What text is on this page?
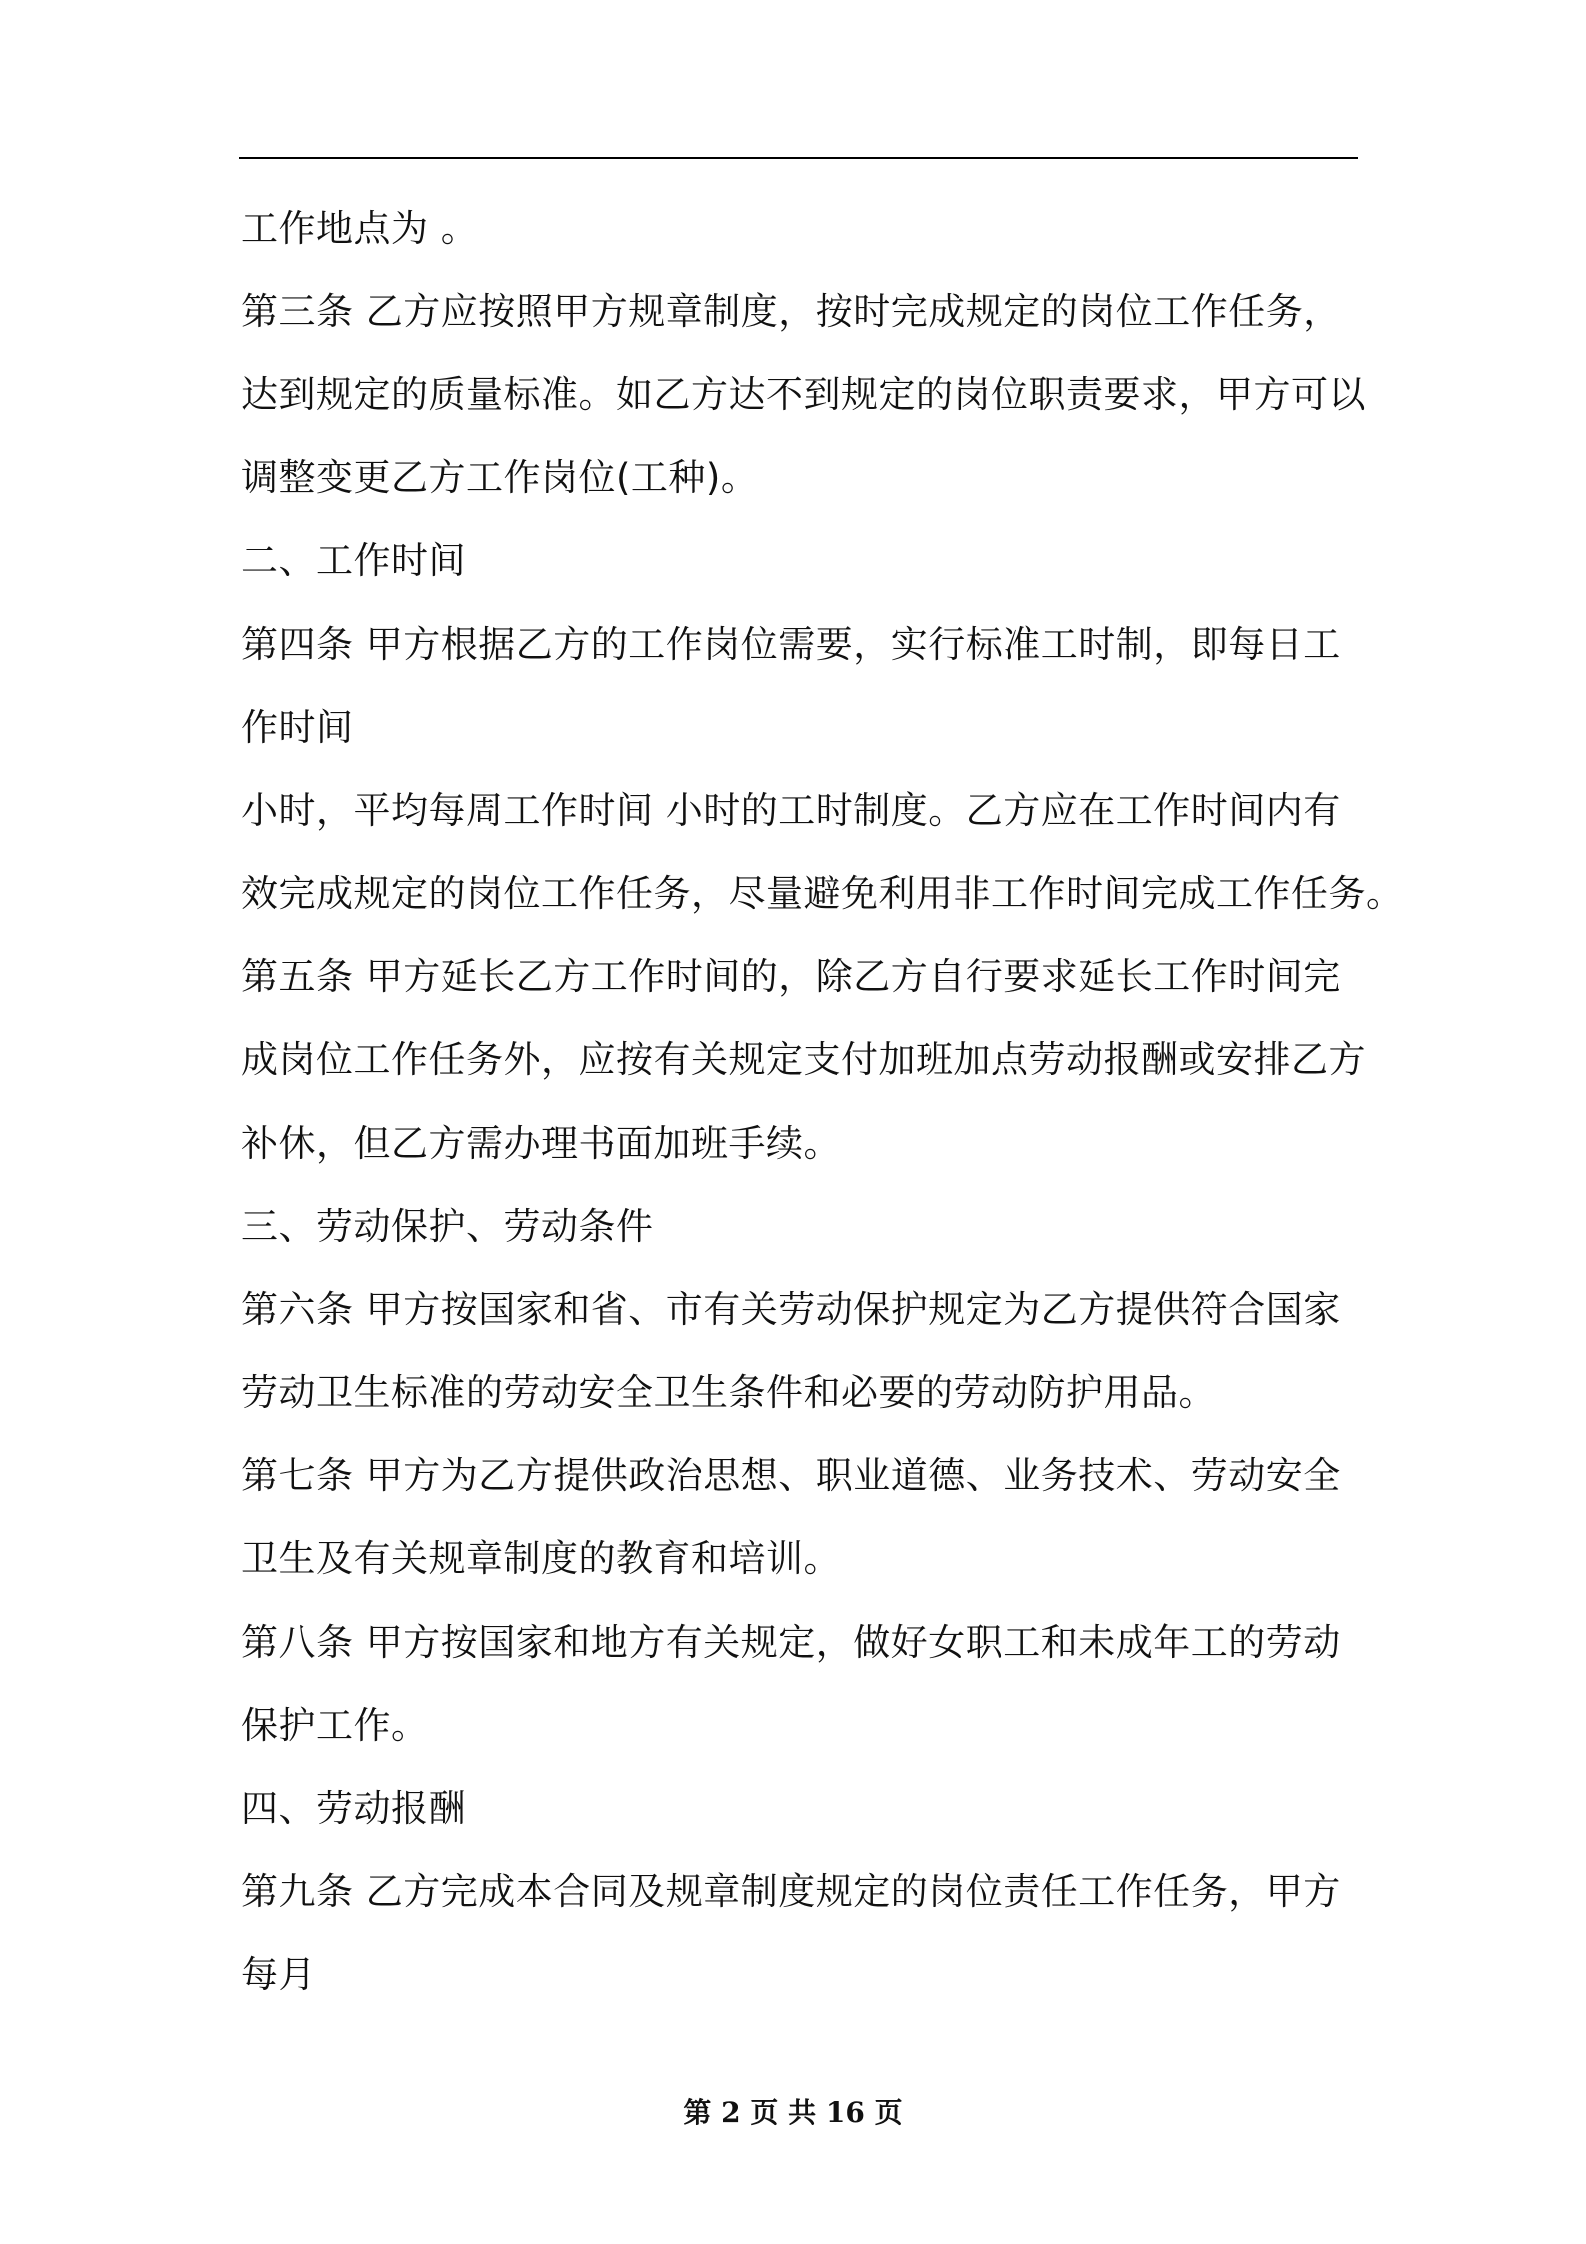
工作地点为 。
第三条 乙方应按照甲方规章制度，按时完成规定的岗位工作任务，
达到规定的质量标准。如乙方达不到规定的岗位职责要求，甲方可以
调整变更乙方工作岗位(工种)。
二、工作时间
第四条 甲方根据乙方的工作岗位需要，实行标准工时制，即每日工
作时间
小时，平均每周工作时间 小时的工时制度。乙方应在工作时间内有
效完成规定的岗位工作任务，尽量避免利用非工作时间完成工作任务。
第五条 甲方延长乙方工作时间的，除乙方自行要求延长工作时间完
成岗位工作任务外，应按有关规定支付加班加点劳动报酬或安排乙方
补休，但乙方需办理书面加班手续。
三、劳动保护、劳动条件
第六条 甲方按国家和省、市有关劳动保护规定为乙方提供符合国家
劳动卫生标准的劳动安全卫生条件和必要的劳动防护用品。
第七条 甲方为乙方提供政治思想、职业道德、业务技术、劳动安全
卫生及有关规章制度的教育和培训。
第八条 甲方按国家和地方有关规定，做好女职工和未成年工的劳动
保护工作。
四、劳动报酬
第九条 乙方完成本合同及规章制度规定的岗位责任工作任务，甲方
每月
第 2 页 共 16 页
